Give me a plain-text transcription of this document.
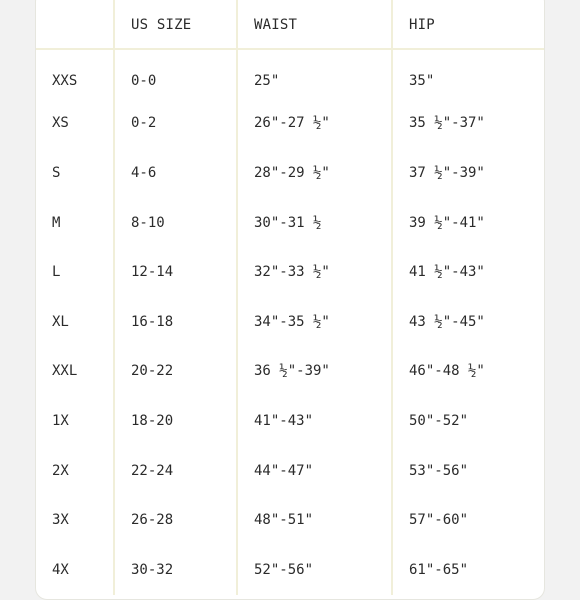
	US SIZE	WAIST	HIP
XXS	0-0	25"	35"
XS	0-2	26"-27 ½"	35 ½"-37"
S	4-6	28"-29 ½"	37 ½"-39"
M	8-10	30"-31 ½	39 ½"-41"
L	12-14	32"-33 ½"	41 ½"-43"
XL	16-18	34"-35 ½"	43 ½"-45"
XXL	20-22	36 ½"-39"	46"-48 ½"
1X	18-20	41"-43"	50"-52"
2X	22-24	44"-47"	53"-56"
3X	26-28	48"-51"	57"-60"
4X	30-32	52"-56"	61"-65"
